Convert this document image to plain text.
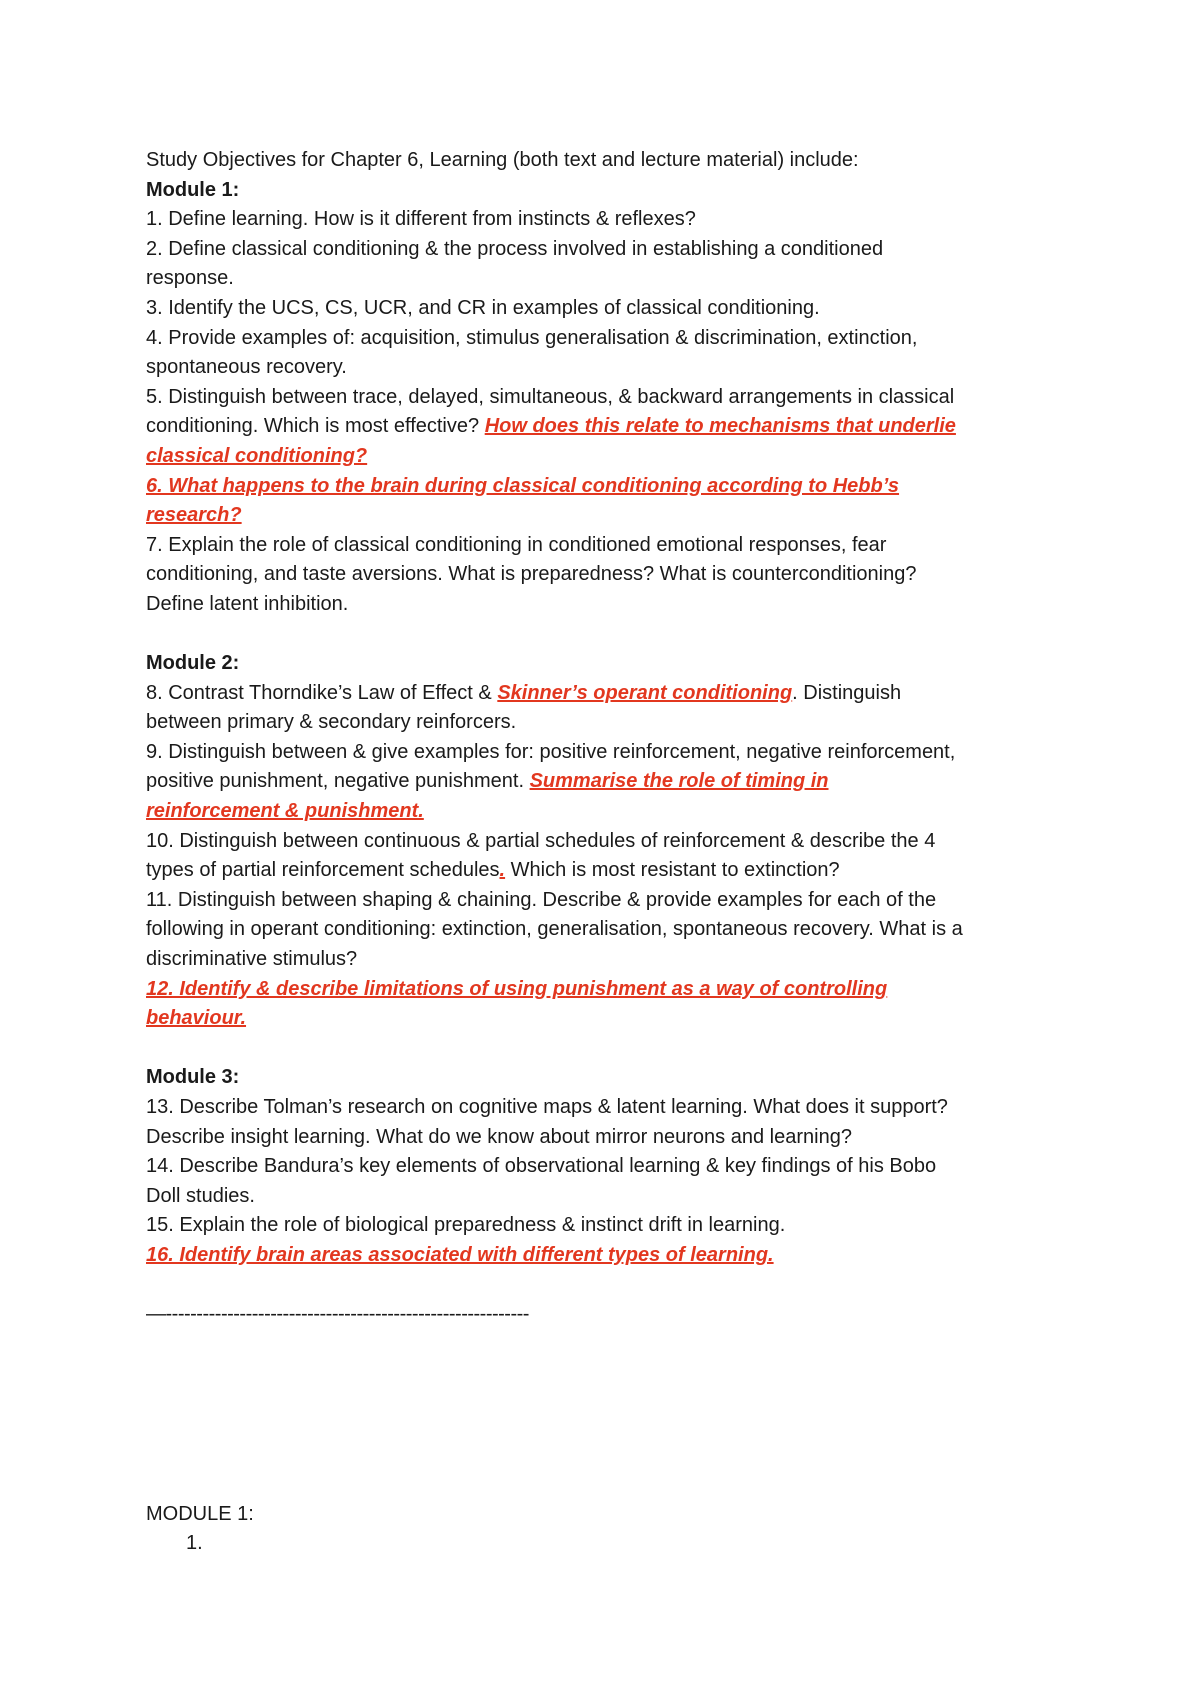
Study Objectives for Chapter 6, Learning (both text and lecture material) include:
Module 1:
1. Define learning. How is it different from instincts & reflexes?
2. Define classical conditioning & the process involved in establishing a conditioned
response.
3. Identify the UCS, CS, UCR, and CR in examples of classical conditioning.
4. Provide examples of: acquisition, stimulus generalisation & discrimination, extinction,
spontaneous recovery.
5. Distinguish between trace, delayed, simultaneous, & backward arrangements in classical
conditioning. Which is most effective? How does this relate to mechanisms that underlie
classical conditioning?
6. What happens to the brain during classical conditioning according to Hebb’s
research?
7. Explain the role of classical conditioning in conditioned emotional responses, fear
conditioning, and taste aversions. What is preparedness? What is counterconditioning?
Define latent inhibition.
Module 2:
8. Contrast Thorndike’s Law of Effect & Skinner’s operant conditioning. Distinguish
between primary & secondary reinforcers.
9. Distinguish between & give examples for: positive reinforcement, negative reinforcement,
positive punishment, negative punishment. Summarise the role of timing in
reinforcement & punishment.
10. Distinguish between continuous & partial schedules of reinforcement & describe the 4
types of partial reinforcement schedules. Which is most resistant to extinction?
11. Distinguish between shaping & chaining. Describe & provide examples for each of the
following in operant conditioning: extinction, generalisation, spontaneous recovery. What is a
discriminative stimulus?
12. Identify & describe limitations of using punishment as a way of controlling
behaviour.
Module 3:
13. Describe Tolman’s research on cognitive maps & latent learning. What does it support?
Describe insight learning. What do we know about mirror neurons and learning?
14. Describe Bandura’s key elements of observational learning & key findings of his Bobo
Doll studies.
15. Explain the role of biological preparedness & instinct drift in learning.
16. Identify brain areas associated with different types of learning.
—-----------------------------------------------------------
MODULE 1:
1.
